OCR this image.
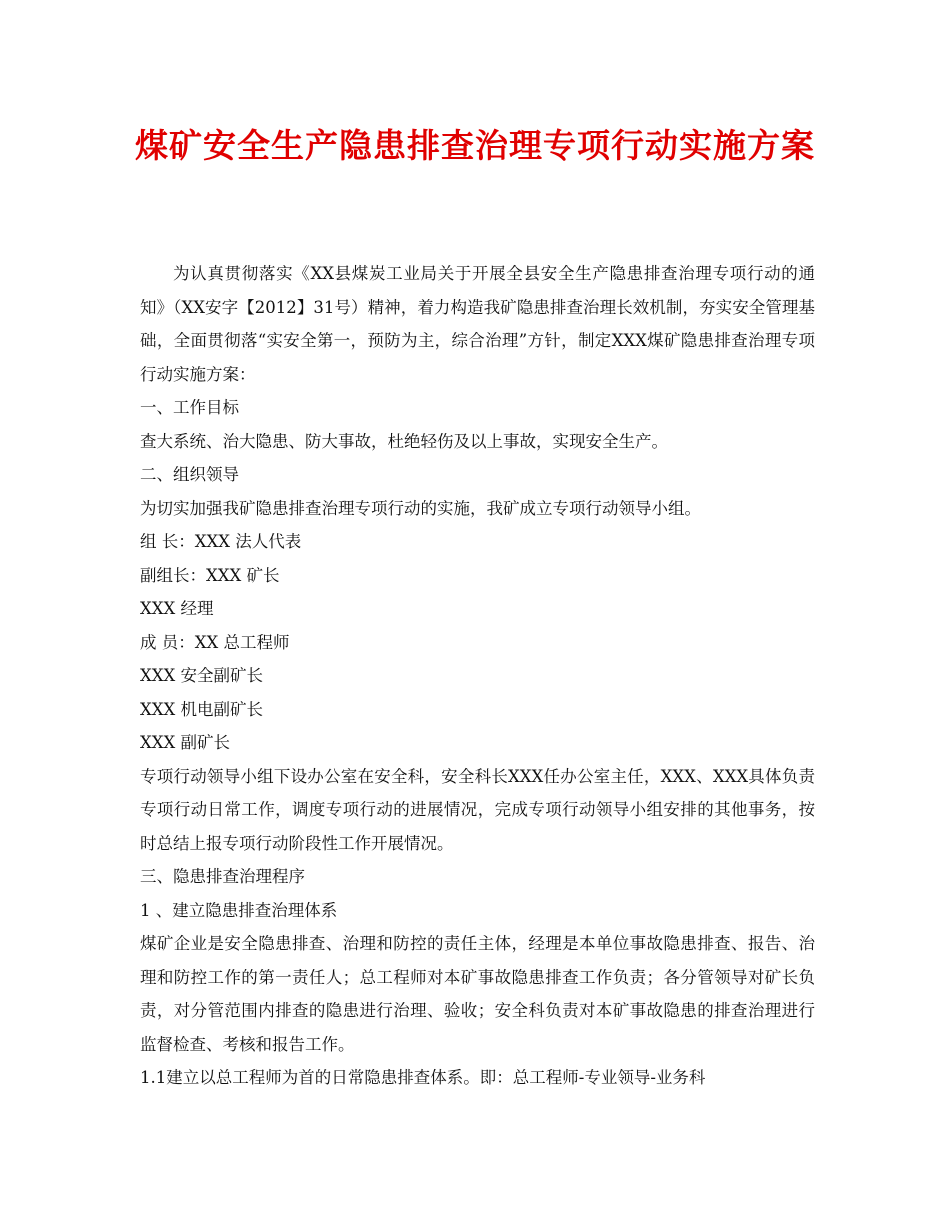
煤矿安全生产隐患排查治理专项行动实施方案

为认真贯彻落实《XX县煤炭工业局关于开展全县安全生产隐患排查治理专项行动的通知》（XX安字【2012】31号）精神，着力构造我矿隐患排查治理长效机制，夯实安全管理基础，全面贯彻落“实安全第一，预防为主，综合治理”方针，制定XXX煤矿隐患排查治理专项行动实施方案：

一、工作目标

查大系统、治大隐患、防大事故，杜绝轻伤及以上事故，实现安全生产。

二、组织领导

为切实加强我矿隐患排查治理专项行动的实施，我矿成立专项行动领导小组。

组 长：XXX 法人代表

副组长：XXX 矿长

XXX 经理

成 员：XX 总工程师

XXX 安全副矿长

XXX 机电副矿长

XXX 副矿长

专项行动领导小组下设办公室在安全科，安全科长XXX任办公室主任，XXX、XXX具体负责专项行动日常工作，调度专项行动的进展情况，完成专项行动领导小组安排的其他事务，按时总结上报专项行动阶段性工作开展情况。

三、隐患排查治理程序

1 、建立隐患排查治理体系

煤矿企业是安全隐患排查、治理和防控的责任主体，经理是本单位事故隐患排查、报告、治理和防控工作的第一责任人；总工程师对本矿事故隐患排查工作负责；各分管领导对矿长负责，对分管范围内排查的隐患进行治理、验收；安全科负责对本矿事故隐患的排查治理进行监督检查、考核和报告工作。

1.1建立以总工程师为首的日常隐患排查体系。即：总工程师-专业领导-业务科
